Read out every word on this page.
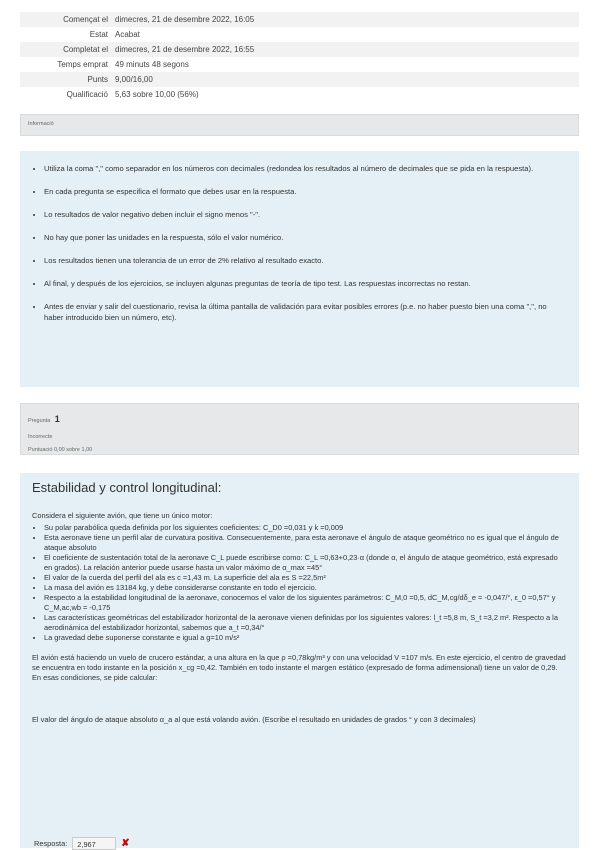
Començat el dimecres, 21 de desembre 2022, 16:05
Estat Acabat
Completat el dimecres, 21 de desembre 2022, 16:55
Temps emprat 49 minuts 48 segons
Punts 9,00/16,00
Qualificació 5,63 sobre 10,00 (56%)
Informació
• Utiliza la coma "," como separador en los números con decimales (redondea los resultados al número de decimales que se pida en la respuesta).
• En cada pregunta se especifica el formato que debes usar en la respuesta.
• Lo resultados de valor negativo deben incluir el signo menos "-".
• No hay que poner las unidades en la respuesta, sólo el valor numérico.
• Los resultados tienen una tolerancia de un error de 2% relativo al resultado exacto.
• Al final, y después de los ejercicios, se incluyen algunas preguntas de teoría de tipo test. Las respuestas incorrectas no restan.
• Antes de enviar y salir del cuestionario, revisa la última pantalla de validación para evitar posibles errores (p.e. no haber puesto bien una coma ",", no haber introducido bien un número, etc).
Pregunta 1
Incorrecte
Puntuació 0,00 sobre 1,00
Estabilidad y control longitudinal:

Considera el siguiente avión, que tiene un único motor:

• Su polar parabólica queda definida por los siguientes coeficientes: C_D0 =0,031 y k =0,009
• Esta aeronave tiene un perfil alar de curvatura positiva. Consecuentemente, para esta aeronave el ángulo de ataque geométrico no es igual que el ángulo de ataque absoluto
• El coeficiente de sustentación total de la aeronave C_L puede escribirse como: C_L =0,63+0,23·α (donde α, el ángulo de ataque geométrico, está expresado en grados). La relación anterior puede usarse hasta un valor máximo de α_max =45°
• El valor de la cuerda del perfil del ala es c =1,43 m. La superficie del ala es S =22,5m²
• La masa del avión es 13184 kg, y debe considerarse constante en todo el ejercicio.
• Respecto a la estabilidad longitudinal de la aeronave, conocemos el valor de los siguientes parámetros: C_M,0 =0,5, dC_M,cg/dδ_e = -0,047/°, ε_0 =0,57° y C_M,ac,wb = -0,175
• Las características geométricas del estabilizador horizontal de la aeronave vienen definidas por los siguientes valores: l_t =5,8 m, S_t =3,2 m². Respecto a la aerodinámica del estabilizador horizontal, sabemos que a_t =0,34/°
• La gravedad debe suponerse constante e igual a g=10 m/s²

El avión está haciendo un vuelo de crucero estándar, a una altura en la que ρ =0,78kg/m³ y con una velocidad V =107 m/s. En este ejercicio, el centro de gravedad se encuentra en todo instante en la posición x_cg =0,42. También en todo instante el margen estático (expresado de forma adimensional) tiene un valor de 0,29. En esas condiciones, se pide calcular:

El valor del ángulo de ataque absoluto α_a al que está volando avión. (Escribe el resultado en unidades de grados ° y con 3 decimales)

Resposta:	2,967	✘
